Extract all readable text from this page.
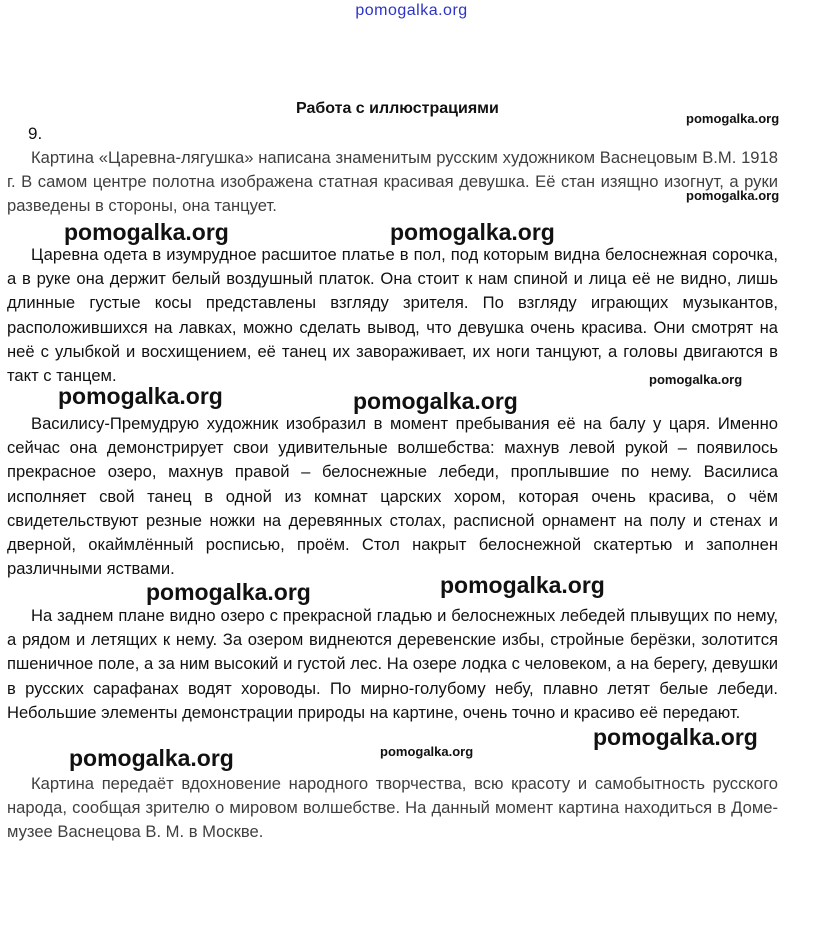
pomogalka.org
Работа с иллюстрациями
9.

Картина «Царевна-лягушка» написана знаменитым русским художником Васнецовым В.М. 1918 г. В самом центре полотна изображена статная красивая девушка. Её стан изящно изогнут, а руки разведены в стороны, она танцует.

Царевна одета в изумрудное расшитое платье в пол, под которым видна белоснежная сорочка, а в руке она держит белый воздушный платок. Она стоит к нам спиной и лица её не видно, лишь длинные густые косы представлены взгляду зрителя. По взгляду играющих музыкантов, расположившихся на лавках, можно сделать вывод, что девушка очень красива. Они смотрят на неё с улыбкой и восхищением, её танец их завораживает, их ноги танцуют, а головы двигаются в такт с танцем.

Василису-Премудрую художник изобразил в момент пребывания её на балу у царя. Именно сейчас она демонстрирует свои удивительные волшебства: махнув левой рукой – появилось прекрасное озеро, махнув правой – белоснежные лебеди, проплывшие по нему. Василиса исполняет свой танец в одной из комнат царских хором, которая очень красива, о чём свидетельствуют резные ножки на деревянных столах, расписной орнамент на полу и стенах и дверной, окаймлённый росписью, проём. Стол накрыт белоснежной скатертью и заполнен различными яствами.

На заднем плане видно озеро с прекрасной гладью и белоснежных лебедей плывущих по нему, а рядом и летящих к нему. За озером виднеются деревенские избы, стройные берёзки, золотится пшеничное поле, а за ним высокий и густой лес. На озере лодка с человеком, а на берегу, девушки в русских сарафанах водят хороводы. По мирно-голубому небу, плавно летят белые лебеди. Небольшие элементы демонстрации природы на картине, очень точно и красиво её передают.

Картина передаёт вдохновение народного творчества, всю красоту и самобытность русского народа, сообщая зрителю о мировом волшебстве. На данный момент картина находиться в Доме-музее Васнецова В. М. в Москве.

pomogalka.org
pomogalka.org
pomogalka.org	pomogalka.org
pomogalka.org
pomogalka.org	pomogalka.org
pomogalka.org
pomogalka.org
pomogalka.org
pomogalka.org
pomogalka.org
